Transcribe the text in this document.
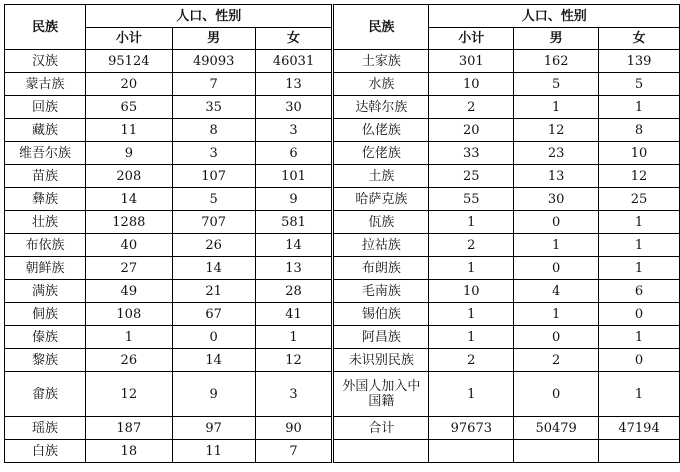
民族	人口、性别			民族	人口、性别		
	小计	男	女		小计	男	女
汉族	95124	49093	46031	土家族	301	162	139
蒙古族	20	7	13	水族	10	5	5
回族	65	35	30	达斡尔族	2	1	1
藏族	11	8	3	仫佬族	20	12	8
维吾尔族	9	3	6	仡佬族	33	23	10
苗族	208	107	101	土族	25	13	12
彝族	14	5	9	哈萨克族	55	30	25
壮族	1288	707	581	佤族	1	0	1
布依族	40	26	14	拉祜族	2	1	1
朝鲜族	27	14	13	布朗族	1	0	1
满族	49	21	28	毛南族	10	4	6
侗族	108	67	41	锡伯族	1	1	0
傣族	1	0	1	阿昌族	1	0	1
黎族	26	14	12	未识别民族	2	2	0
畲族	12	9	3	外国人加入中国籍	1	0	1
瑶族	187	97	90	合计	97673	50479	47194
白族	18	11	7				
